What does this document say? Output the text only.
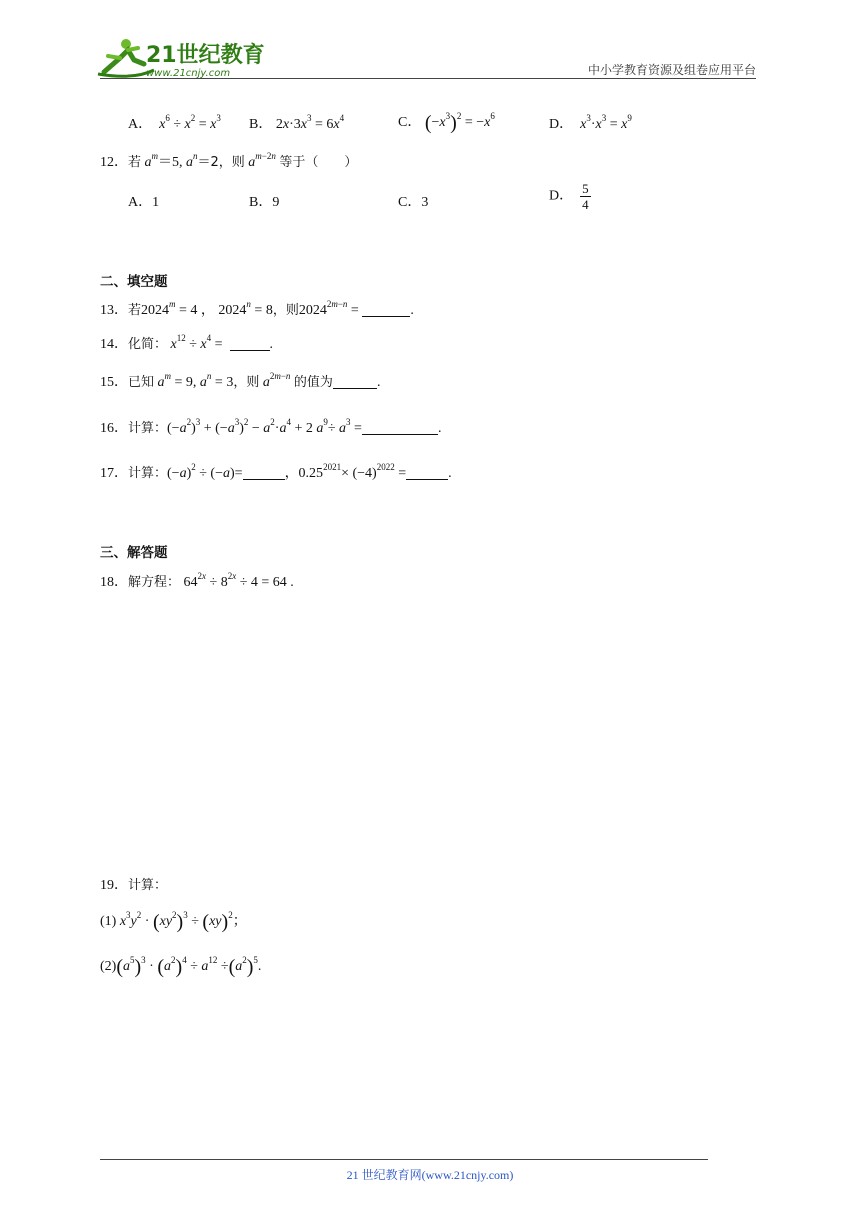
21世纪教育
www.21cnjy.com	中小学教育资源及组卷应用平台
A． $x^6 \div x^2 = x^3$ B． $2x\cdot 3x^3 = 6x^4$	C． $(-x^3)^2 = -x^6$
D． $x^3\cdot x^3 = x^9$
12．若 $a^m=5$, $a^n=2$，则 $a^{m-2n}$ 等于（　　）
A．1	B．9	C．3	D． $\frac{5}{4}$
二、填空题
13．若$2024^m = 4$ ， $2024^n = 8$，则$2024^{2m-n}$ =	.
14．化简： $x^{12} \div x^4$ =	.
15．已知 $a^m = 9$, $a^n = 3$，则 $a^{2m-n}$ 的值为	.
16．计算：$(-a^2)^3 + (-a^3)^2 - a^2\cdot a^4 + 2$ $a^9\div a^3$ =	.
17．计算：$(-a)^2 \div (-a)=$	，$0.25^{2021}\times (-4)^{2022}$ =	.
三、解答题
18．解方程： $64^{2x} \div 8^{2x} \div 4 = 64$ .
19．计算：
(1) $x^3y^2 \cdot (xy^2)^3 \div (xy)^2$；
$(2)(a^5)^3 \cdot (a^2)^4 \div a^{12} \div(a^2)^5$.
21 世纪教育网(www.21cnjy.com)
